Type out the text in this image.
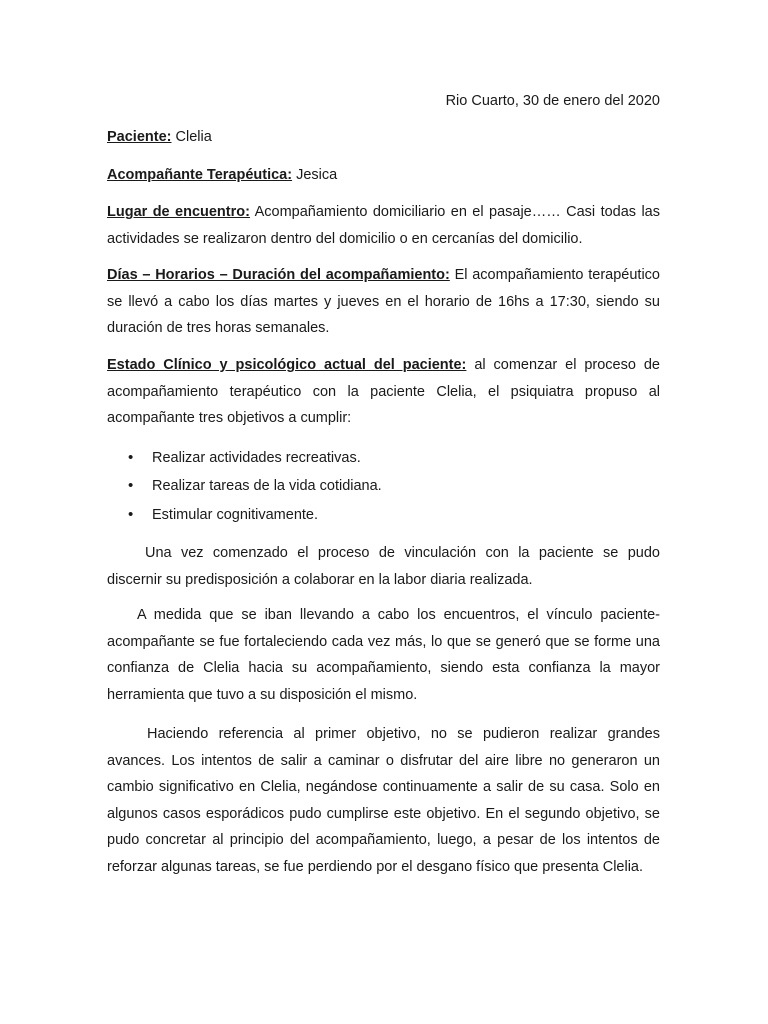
Rio Cuarto, 30 de enero del 2020
Paciente: Clelia
Acompañante Terapéutica: Jesica
Lugar de encuentro: Acompañamiento domiciliario en el pasaje…… Casi todas las actividades se realizaron dentro del domicilio o en cercanías del domicilio.
Días – Horarios – Duración del acompañamiento: El acompañamiento terapéutico se llevó a cabo los días martes y jueves en el horario de 16hs a 17:30, siendo su duración de tres horas semanales.
Estado Clínico y psicológico actual del paciente: al comenzar el proceso de acompañamiento terapéutico con la paciente Clelia, el psiquiatra propuso al acompañante tres objetivos a cumplir:
• Realizar actividades recreativas.
• Realizar tareas de la vida cotidiana.
• Estimular cognitivamente.
Una vez comenzado el proceso de vinculación con la paciente se pudo discernir su predisposición a colaborar en la labor diaria realizada.
A medida que se iban llevando a cabo los encuentros, el vínculo paciente-acompañante se fue fortaleciendo cada vez más, lo que se generó que se forme una confianza de Clelia hacia su acompañamiento, siendo esta confianza la mayor herramienta que tuvo a su disposición el mismo.
Haciendo referencia al primer objetivo, no se pudieron realizar grandes avances. Los intentos de salir a caminar o disfrutar del aire libre no generaron un cambio significativo en Clelia, negándose continuamente a salir de su casa. Solo en algunos casos esporádicos pudo cumplirse este objetivo. En el segundo objetivo, se pudo concretar al principio del acompañamiento, luego, a pesar de los intentos de reforzar algunas tareas, se fue perdiendo por el desgano físico que presenta Clelia.
